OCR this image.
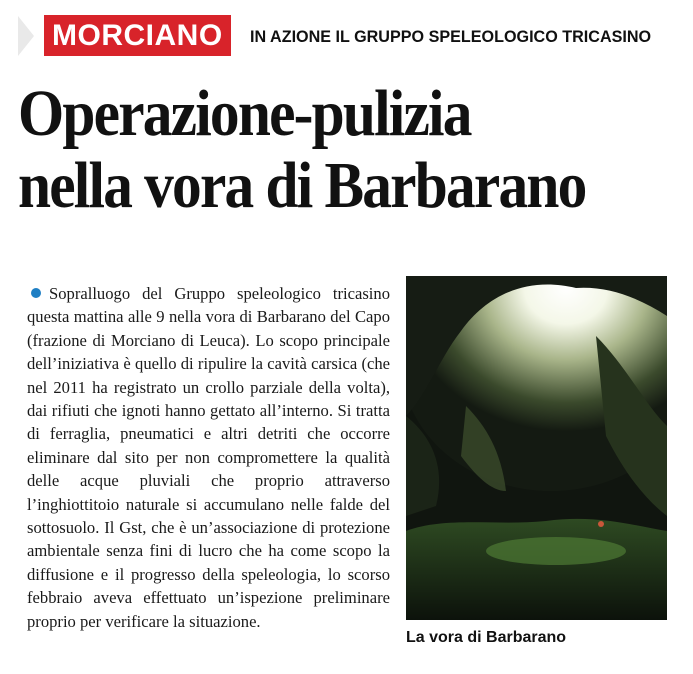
MORCIANO IN AZIONE IL GRUPPO SPELEOLOGICO TRICASINO
Operazione-pulizia
nella vora di Barbarano
Sopralluogo del Gruppo speleologico tricasino questa mattina alle 9 nella vora di Barbarano del Capo (frazione di Morciano di Leuca). Lo scopo principale dell’iniziativa è quello di ripulire la cavità carsica (che nel 2011 ha registrato un crollo parziale della volta), dai rifiuti che ignoti hanno gettato all’interno. Si tratta di ferraglia, pneumatici e altri detriti che occorre eliminare dal sito per non compromettere la qualità delle acque pluviali che proprio attraverso l’inghiottitoio naturale si accumulano nelle falde del sottosuolo. Il Gst, che è un’associazione di protezione ambientale senza fini di lucro che ha come scopo la diffusione e il progresso della speleologia, lo scorso febbraio aveva effettuato un’ispezione preliminare proprio per verificare la situazione.
La vora di Barbarano
